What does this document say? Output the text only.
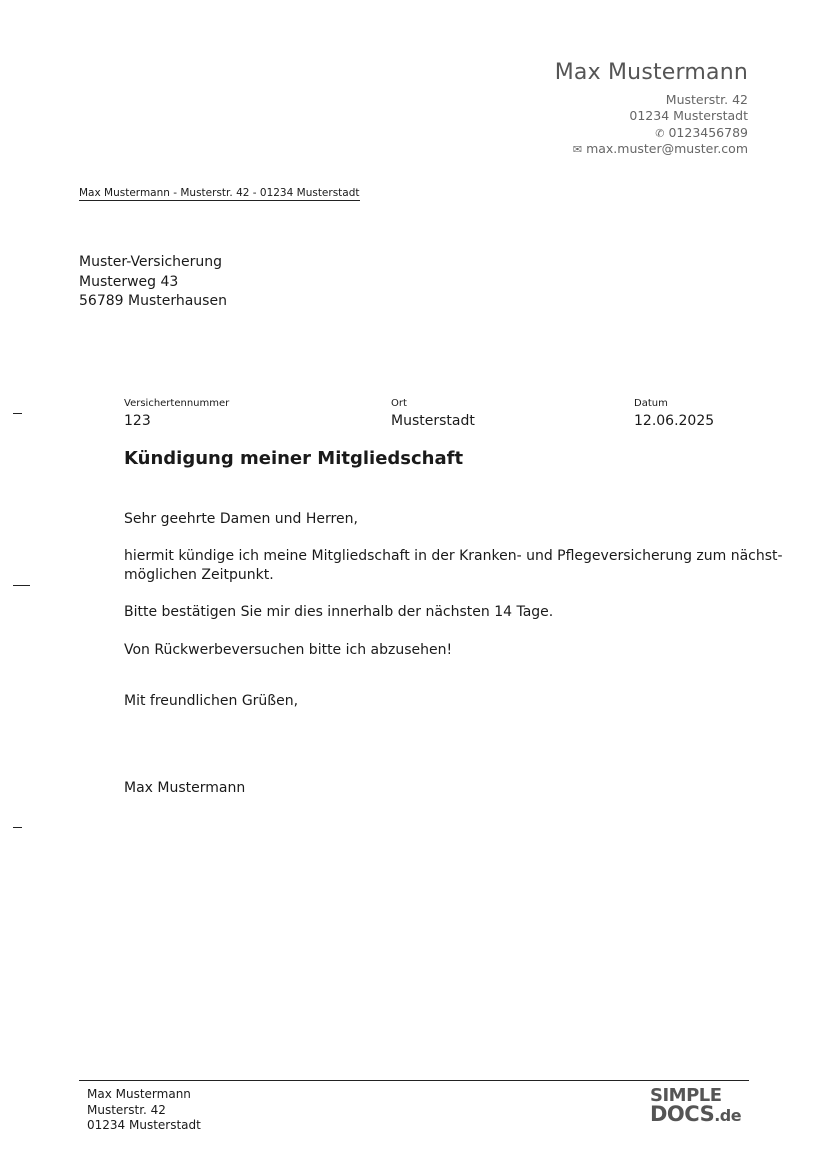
Max Mustermann
Musterstr. 42
01234 Musterstadt
✆ 0123456789
✉ max.muster@muster.com
Max Mustermann - Musterstr. 42 - 01234 Musterstadt
Muster-Versicherung
Musterweg 43
56789 Musterhausen
Versichertennummer
123
Ort
Musterstadt
Datum
12.06.2025
Kündigung meiner Mitgliedschaft
Sehr geehrte Damen und Herren,
hiermit kündige ich meine Mitgliedschaft in der Kranken- und Pflegeversicherung zum nächst-
möglichen Zeitpunkt.
Bitte bestätigen Sie mir dies innerhalb der nächsten 14 Tage.
Von Rückwerbeversuchen bitte ich abzusehen!
Mit freundlichen Grüßen,
Max Mustermann
Max Mustermann
Musterstr. 42
01234 Musterstadt
SIMPLE
DOCS.de
